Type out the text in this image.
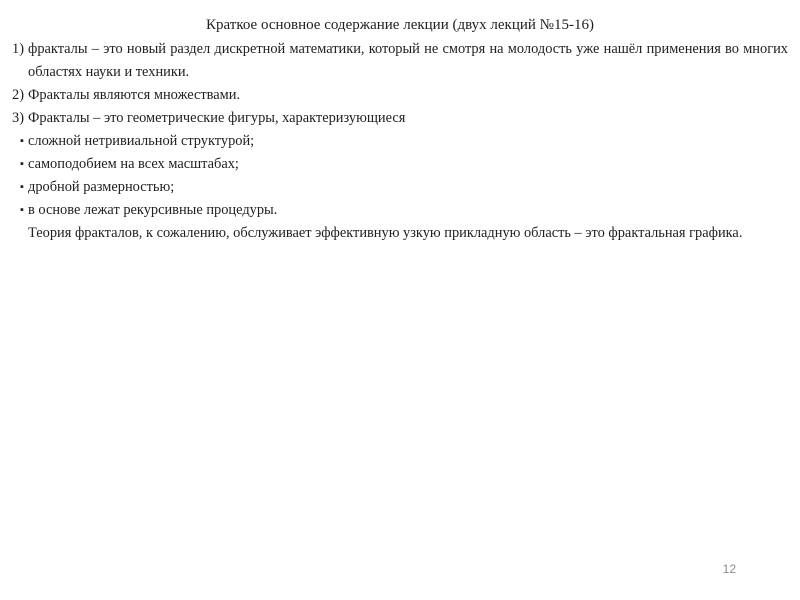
Краткое основное содержание лекции (двух лекций №15-16)

1) фракталы – это новый раздел дискретной математики, который не смотря на молодость уже нашёл применения во многих областях науки и техники.

2) Фракталы являются множествами.

3) Фракталы – это геометрические фигуры, характеризующиеся

▪ сложной нетривиальной структурой;

▪ самоподобием на всех масштабах;

▪ дробной размерностью;

▪ в основе лежат рекурсивные процедуры.

Теория фракталов, к сожалению, обслуживает эффективную узкую прикладную область – это фрактальная графика.

12
